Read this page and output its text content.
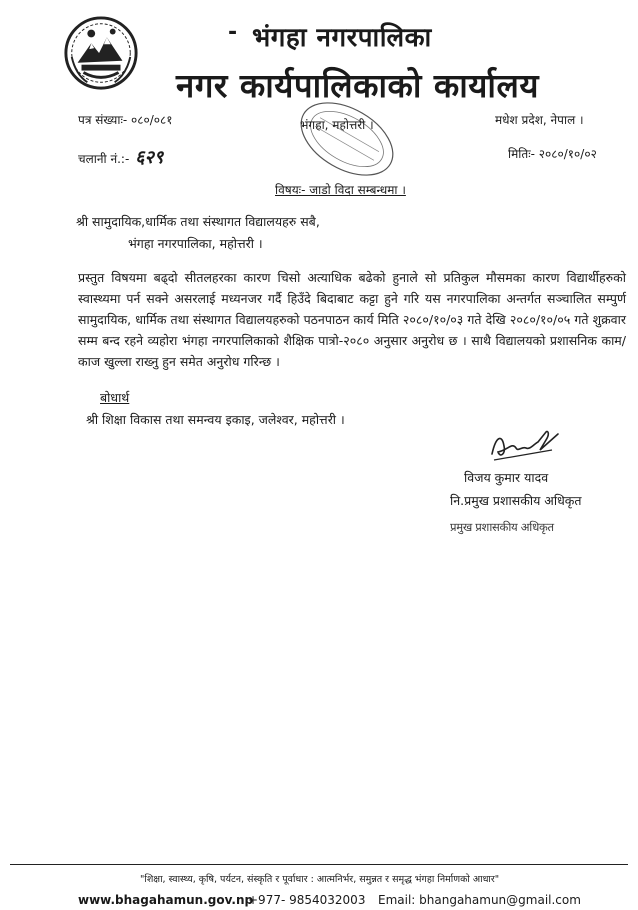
- भंगहा नगरपालिका
नगर कार्यपालिकाको कार्यालय
पत्र संख्याः- ०८०/०८१
चलानी नं.:- ६२९
भंगहा, महोत्तरी ।	मधेश प्रदेश, नेपाल ।
मितिः- २०८०/१०/०२
विषयः- जाडो विदा सम्बन्धमा ।
श्री सामुदायिक,धार्मिक तथा संस्थागत विद्यालयहरु सबै,
भंगहा नगरपालिका, महोत्तरी ।
प्रस्तुत विषयमा बढ्दो सीतलहरका कारण चिसो अत्याधिक बढेको हुनाले सो प्रतिकुल मौसमका कारण विद्यार्थीहरुको स्वास्थ्यमा पर्न सक्ने असरलाई मध्यनजर गर्दै हिउँदे बिदाबाट कट्टा हुने गरि यस नगरपालिका अन्तर्गत सञ्चालित सम्पुर्ण सामुदायिक, धार्मिक तथा संस्थागत विद्यालयहरुको पठनपाठन कार्य मिति २०८०/१०/०३ गते देखि २०८०/१०/०५ गते शुक्रवार सम्म बन्द रहने व्यहोरा भंगहा नगरपालिकाको शैक्षिक पात्रो-२०८० अनुसार अनुरोध छ । साथै विद्यालयको प्रशासनिक काम/काज खुल्ला राख्नु हुन समेत अनुरोध गरिन्छ ।
बोधार्थ
श्री शिक्षा विकास तथा समन्वय इकाइ, जलेश्वर, महोत्तरी ।
विजय कुमार यादव
नि.प्रमुख प्रशासकीय अधिकृत
प्रमुख प्रशासकीय अधिकृत
"शिक्षा, स्वास्थ्य, कृषि, पर्यटन, संस्कृति र पूर्वाधार : आत्मनिर्भर, समुन्नत र समृद्ध भंगहा निर्माणको आधार"
www.bhagahamun.gov.np
+977- 9854032003 Email: bhangahamun@gmail.com
